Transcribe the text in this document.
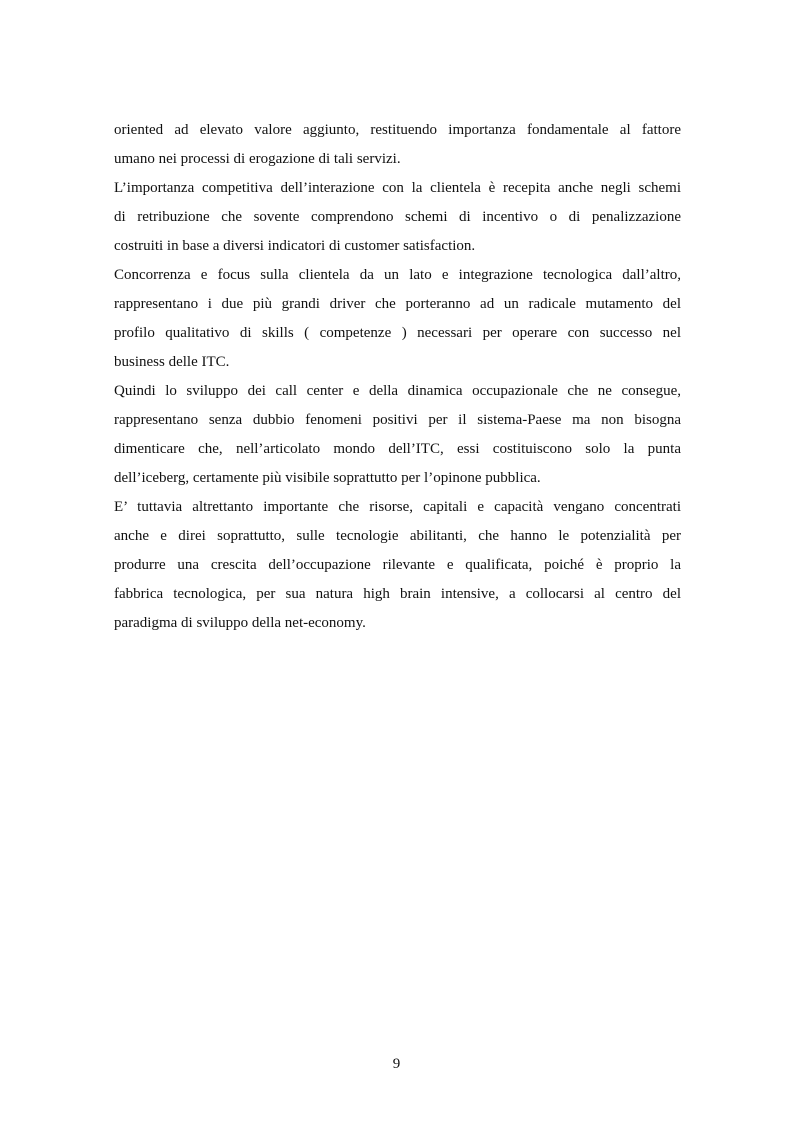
oriented ad elevato valore aggiunto, restituendo importanza fondamentale al fattore
umano nei processi di erogazione di tali servizi.
L’importanza competitiva dell’interazione con la clientela è recepita anche negli schemi
di retribuzione che sovente comprendono schemi di incentivo o di penalizzazione
costruiti in base a diversi indicatori di customer satisfaction.
Concorrenza e focus sulla clientela da un lato e integrazione tecnologica dall’altro,
rappresentano i due più grandi driver che porteranno ad un radicale mutamento del
profilo qualitativo di skills ( competenze ) necessari per operare con successo nel
business delle ITC.
Quindi lo sviluppo dei call center e della dinamica occupazionale che ne consegue,
rappresentano senza dubbio fenomeni positivi per il sistema-Paese ma non bisogna
dimenticare che, nell’articolato mondo dell’ITC, essi costituiscono solo la punta
dell’iceberg, certamente più visibile soprattutto per l’opinone pubblica.
E’ tuttavia altrettanto importante che risorse, capitali e capacità vengano concentrati
anche e direi soprattutto, sulle tecnologie abilitanti, che hanno le potenzialità per
produrre una crescita dell’occupazione rilevante e qualificata, poiché è proprio la
fabbrica tecnologica, per sua natura high brain intensive, a collocarsi al centro del
paradigma di sviluppo della net-economy.
9
